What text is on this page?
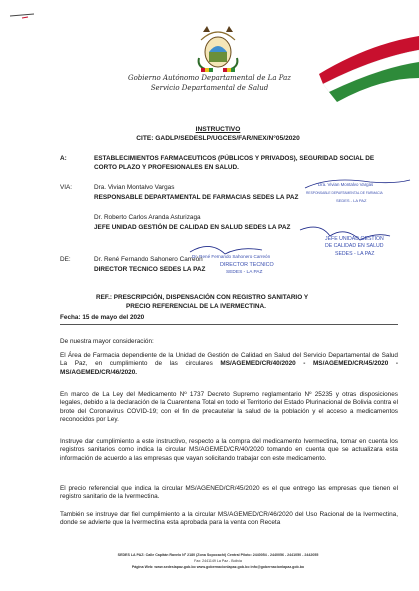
Gobierno Autónomo Departamental de La Paz
Servicio Departamental de Salud
INSTRUCTIVO
CITE: GADLP/SEDESLP/UGCES/FAR/NEX/N°05/2020
A:	ESTABLECIMIENTOS FARMACEUTICOS (PÚBLICOS Y PRIVADOS), SEGURIDAD SOCIAL DE CORTO PLAZO Y PROFESIONALES EN SALUD.
VIA:	Dra. Vivian Montalvo Vargas
RESPONSABLE DEPARTAMENTAL DE FARMACIAS SEDES LA PAZ
Dr. Roberto Carlos Aranda Asturizaga
JEFE UNIDAD GESTIÓN DE CALIDAD EN SALUD SEDES LA PAZ
DE:	Dr. René Fernando Sahonero Carreón
DIRECTOR TECNICO SEDES LA PAZ
REF.: PRESCRIPCIÓN, DISPENSACIÓN CON REGISTRO SANITARIO Y
PRECIO REFERENCIAL DE LA IVERMECTINA.
Fecha: 15 de mayo del 2020
De nuestra mayor consideración:
El Área de Farmacia dependiente de la Unidad de Gestión de Calidad en Salud del Servicio Departamental de Salud La Paz, en cumplimiento de las circulares MS/AGEMED/CR/40/2020 - MS/AGEMED/CR/45/2020 - MS/AGEMED/CR/46/2020.
En marco de La Ley del Medicamento Nº 1737 Decreto Supremo reglamentario Nº 25235 y otras disposiciones legales, debido a la declaración de la Cuarentena Total en todo el Territorio del Estado Plurinacional de Bolivia contra el brote del Coronavirus COVID-19; con el fin de precautelar la salud de la población y el acceso a medicamentos reconocidos por Ley.
Instruye dar cumplimiento a este instructivo, respecto a la compra del medicamento Ivermectina, tomar en cuenta los registros sanitarios como indica la circular MS/AGEMED/CR/40/2020 tomando en cuenta que se actualizara esta información de acuerdo a las empresas que vayan solicitando trabajar con este medicamento.
El precio referencial que indica la circular MS/AGENED/CR/45/2020 es el que entrego las empresas que tienen el registro sanitario de la Ivermectina.
También se instruye dar fiel cumplimiento a la circular MS/AGEMED/CR/46/2020 del Uso Racional de la Ivermectina, donde se advierte que la Ivermectina esta aprobada para la venta con Receta
SEDES LA PAZ: Calle Capitán Ravelo Nº 2180 (Zona Sopocachi) Central Piloto: 2440054 - 2440056 - 2441050 - 2442055
Fax: 2441149 La Paz - Bolivia
Página Web: www.sedeslapaz.gob.bo www.gobernacionlapaz.gob.bo info@gobernacionlapaz.gob.bo
Dra. Vivian Montalvo Vargas
RESPONSABLE DEPARTAMENTAL DE FARMACIA
SEDES - LA PAZ
JEFE UNIDAD GESTION
DE CALIDAD EN SALUD
SEDES - LA PAZ
Dr. René Fernando Sahonero Carreón
DIRECTOR TECNICO
SEDES - LA PAZ
